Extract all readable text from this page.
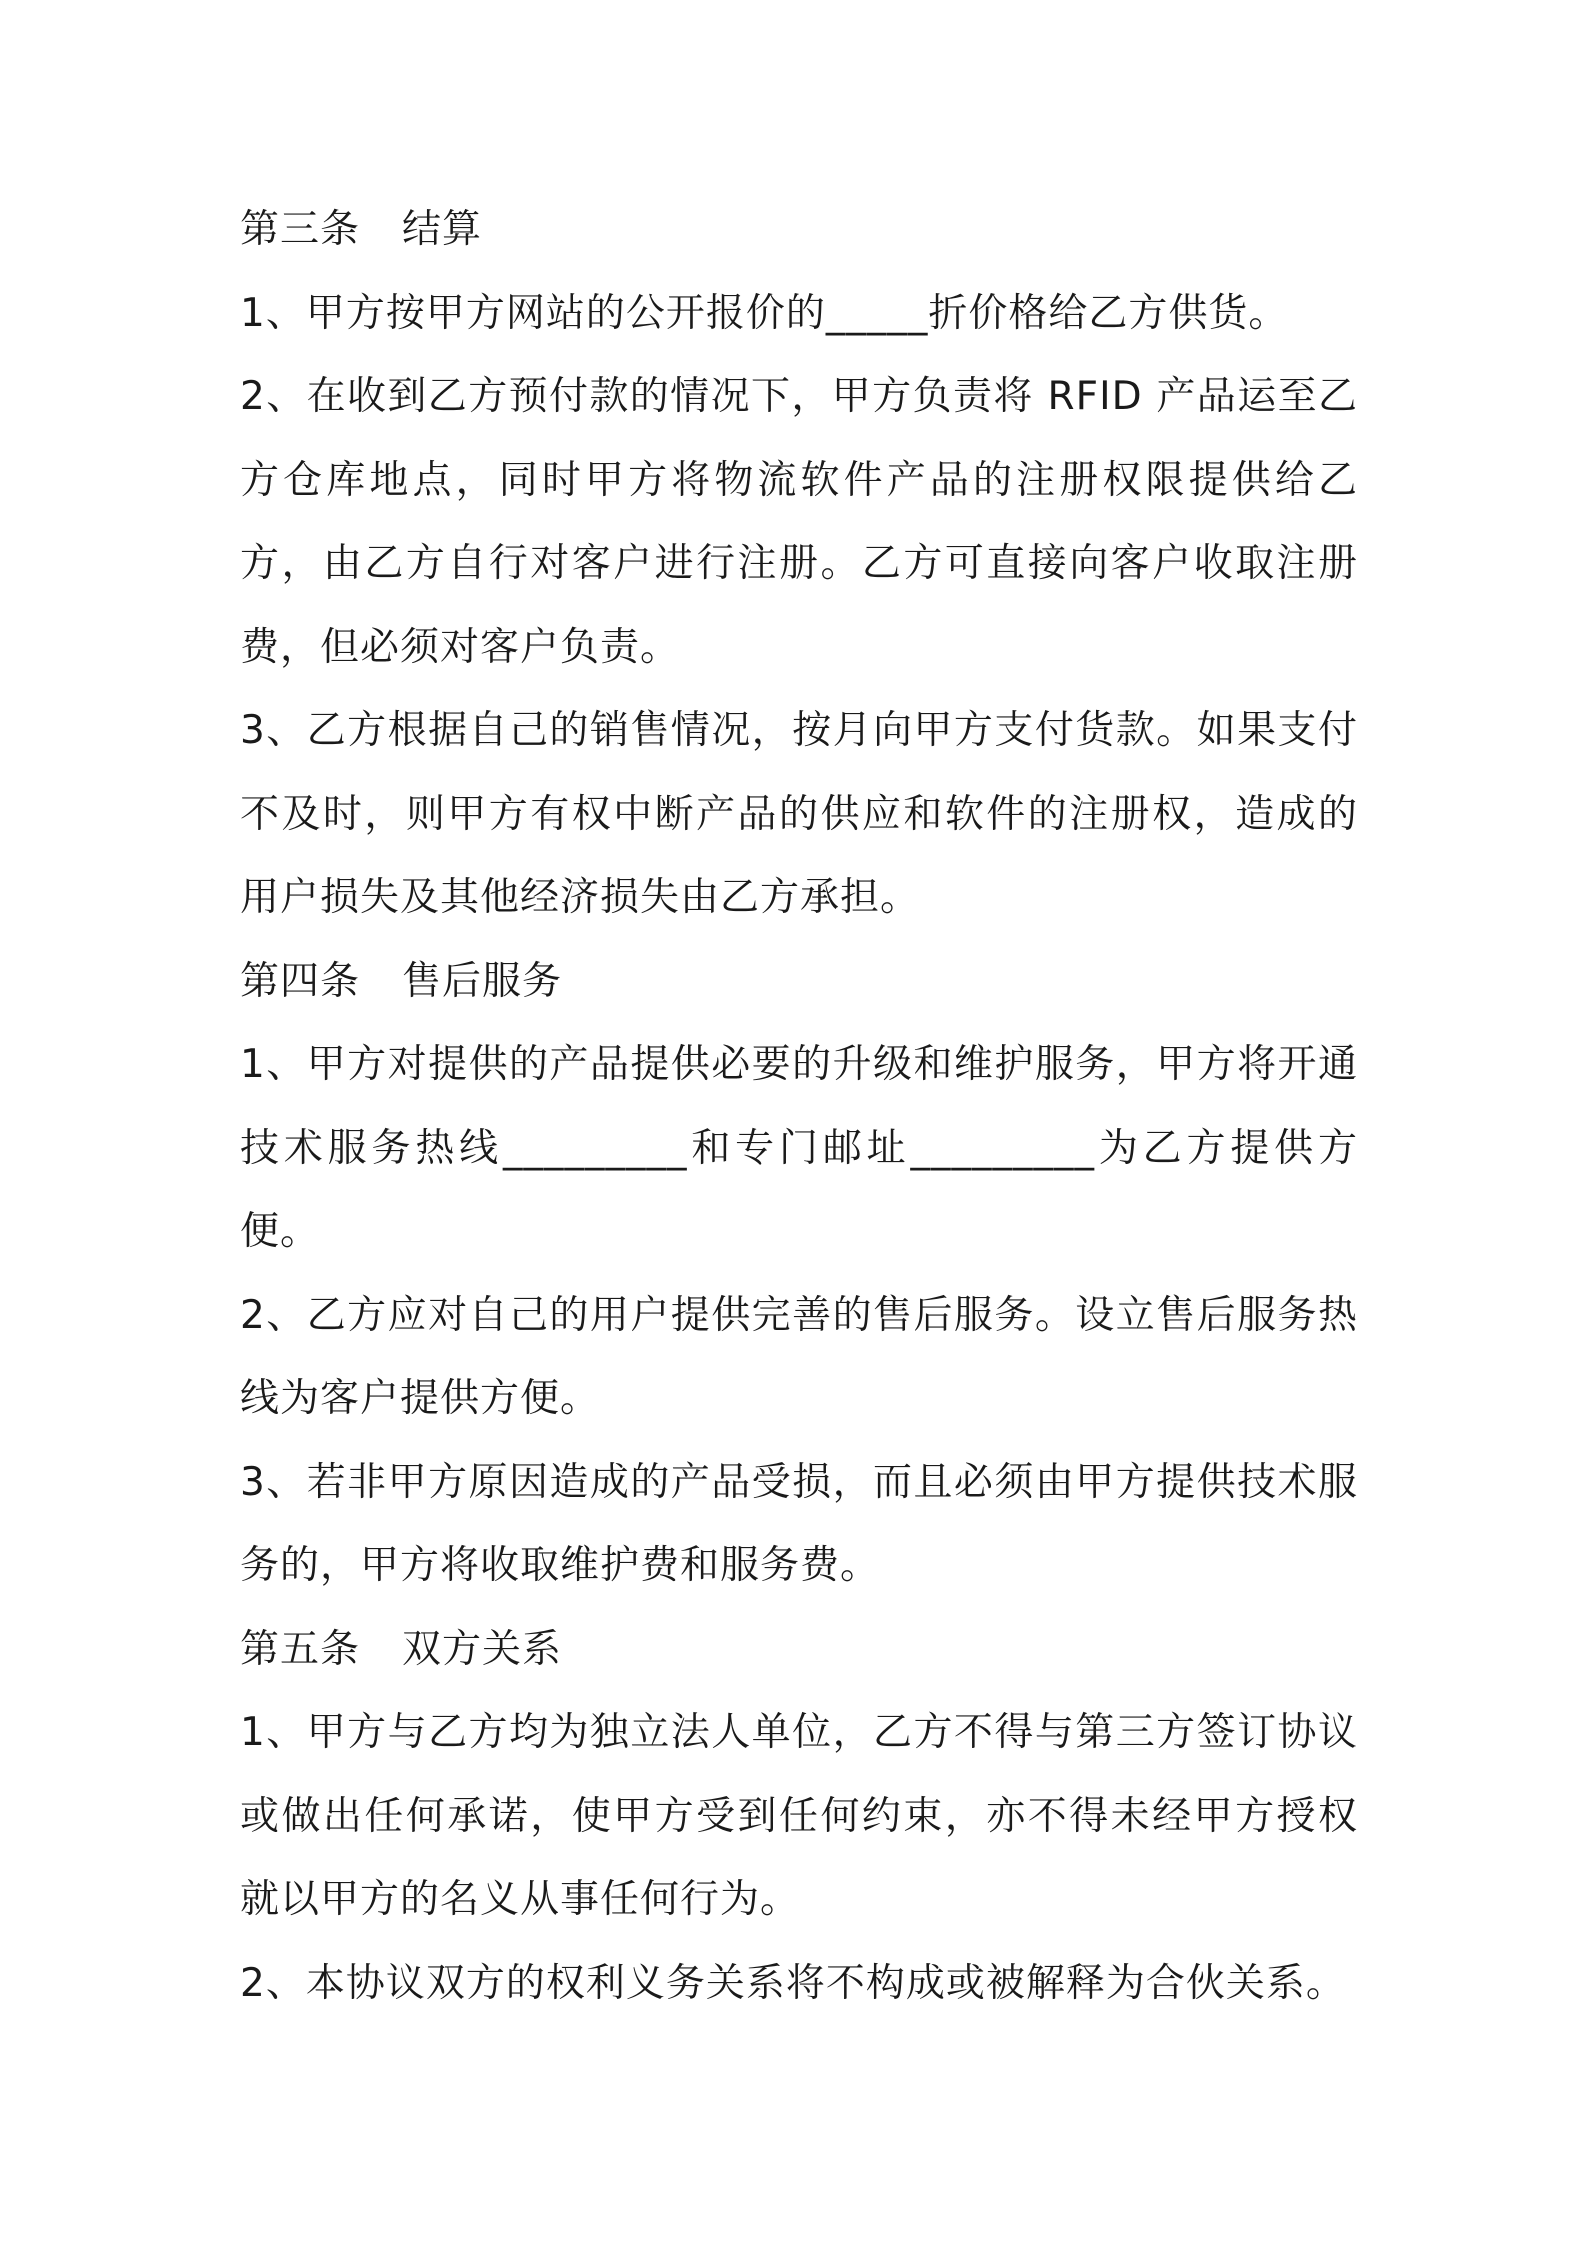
第三条 结算

1、甲方按甲方网站的公开报价的_____折价格给乙方供货。

2、在收到乙方预付款的情况下，甲方负责将 RFID 产品运至乙方仓库地点，同时甲方将物流软件产品的注册权限提供给乙方，由乙方自行对客户进行注册。乙方可直接向客户收取注册费，但必须对客户负责。

3、乙方根据自己的销售情况，按月向甲方支付货款。如果支付不及时，则甲方有权中断产品的供应和软件的注册权，造成的用户损失及其他经济损失由乙方承担。

第四条 售后服务

1、甲方对提供的产品提供必要的升级和维护服务，甲方将开通技术服务热线_________和专门邮址_________为乙方提供方便。

2、乙方应对自己的用户提供完善的售后服务。设立售后服务热线为客户提供方便。

3、若非甲方原因造成的产品受损，而且必须由甲方提供技术服务的，甲方将收取维护费和服务费。

第五条 双方关系

1、甲方与乙方均为独立法人单位，乙方不得与第三方签订协议或做出任何承诺，使甲方受到任何约束，亦不得未经甲方授权就以甲方的名义从事任何行为。

2、本协议双方的权利义务关系将不构成或被解释为合伙关系。
